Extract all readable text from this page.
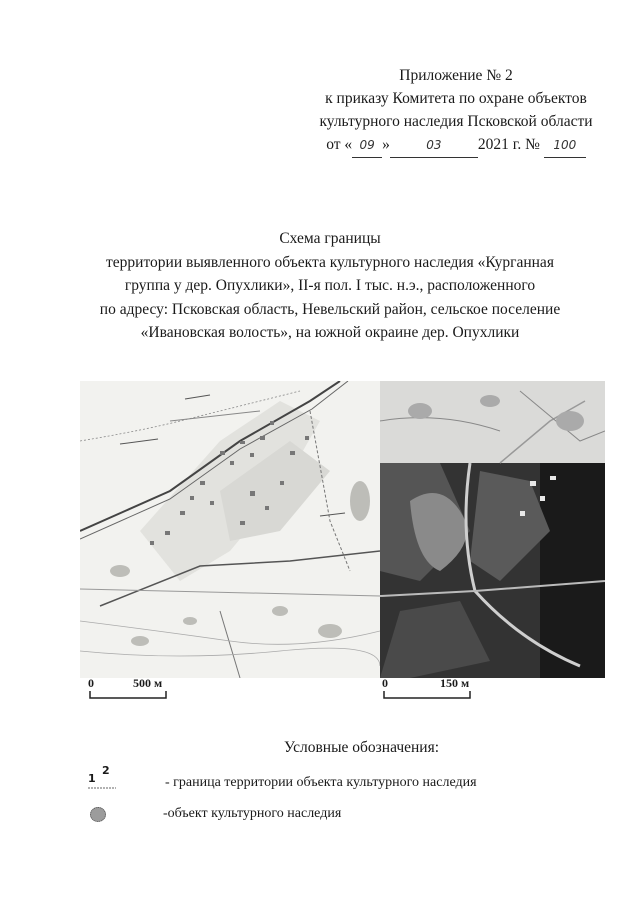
Приложение № 2
к приказу Комитета по охране объектов
культурного наследия Псковской области
от « 09 »	03 2021 г. № 100
Схема границы
территории выявленного объекта культурного наследия «Курганная
группа у дер. Опухлики», II-я пол. I тыс. н.э., расположенного
по адресу: Псковская область, Невельский район, сельское поселение
«Ивановская волость», на южной окраине дер. Опухлики
0	500 м	0	150 м
Условные обозначения:
1
2
- граница территории объекта культурного наследия
-объект культурного наследия
